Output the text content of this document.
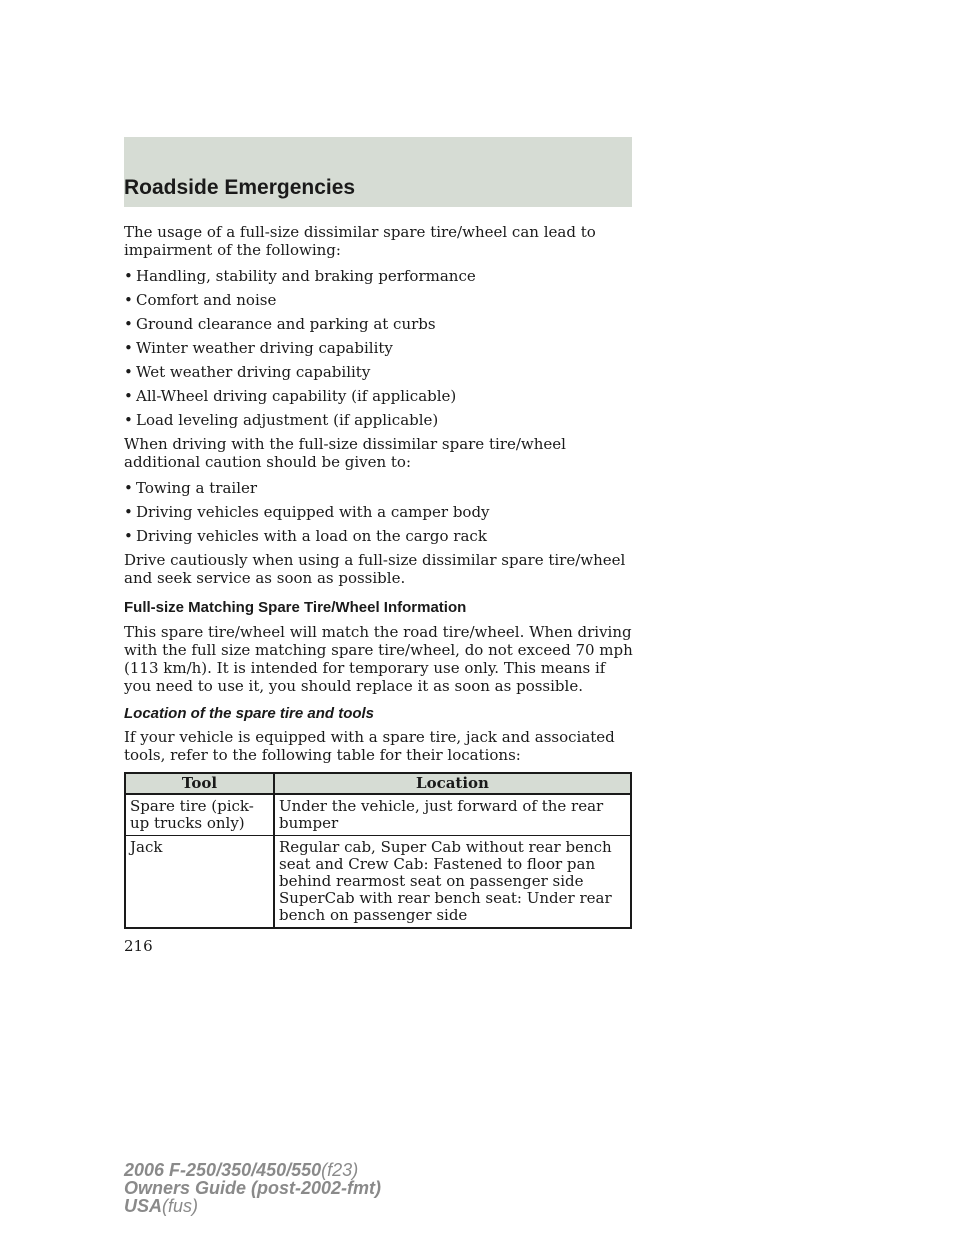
Roadside Emergencies

The usage of a full-size dissimilar spare tire/wheel can lead to impairment of the following:

• Handling, stability and braking performance
• Comfort and noise
• Ground clearance and parking at curbs
• Winter weather driving capability
• Wet weather driving capability
• All-Wheel driving capability (if applicable)
• Load leveling adjustment (if applicable)

When driving with the full-size dissimilar spare tire/wheel additional caution should be given to:

• Towing a trailer
• Driving vehicles equipped with a camper body
• Driving vehicles with a load on the cargo rack

Drive cautiously when using a full-size dissimilar spare tire/wheel and seek service as soon as possible.

Full-size Matching Spare Tire/Wheel Information

This spare tire/wheel will match the road tire/wheel. When driving with the full size matching spare tire/wheel, do not exceed 70 mph (113 km/h). It is intended for temporary use only. This means if you need to use it, you should replace it as soon as possible.

Location of the spare tire and tools

If your vehicle is equipped with a spare tire, jack and associated tools, refer to the following table for their locations:

Tool	Location
Spare tire (pick-up trucks only)	Under the vehicle, just forward of the rear bumper

Jack	Regular cab, Super Cab without rear bench seat and Crew Cab: Fastened to floor pan behind rearmost seat on passenger side
SuperCab with rear bench seat: Under rear bench on passenger side
216
2006 F-250/350/450/550(f23)
Owners Guide (post-2002-fmt)
USA(fus)
